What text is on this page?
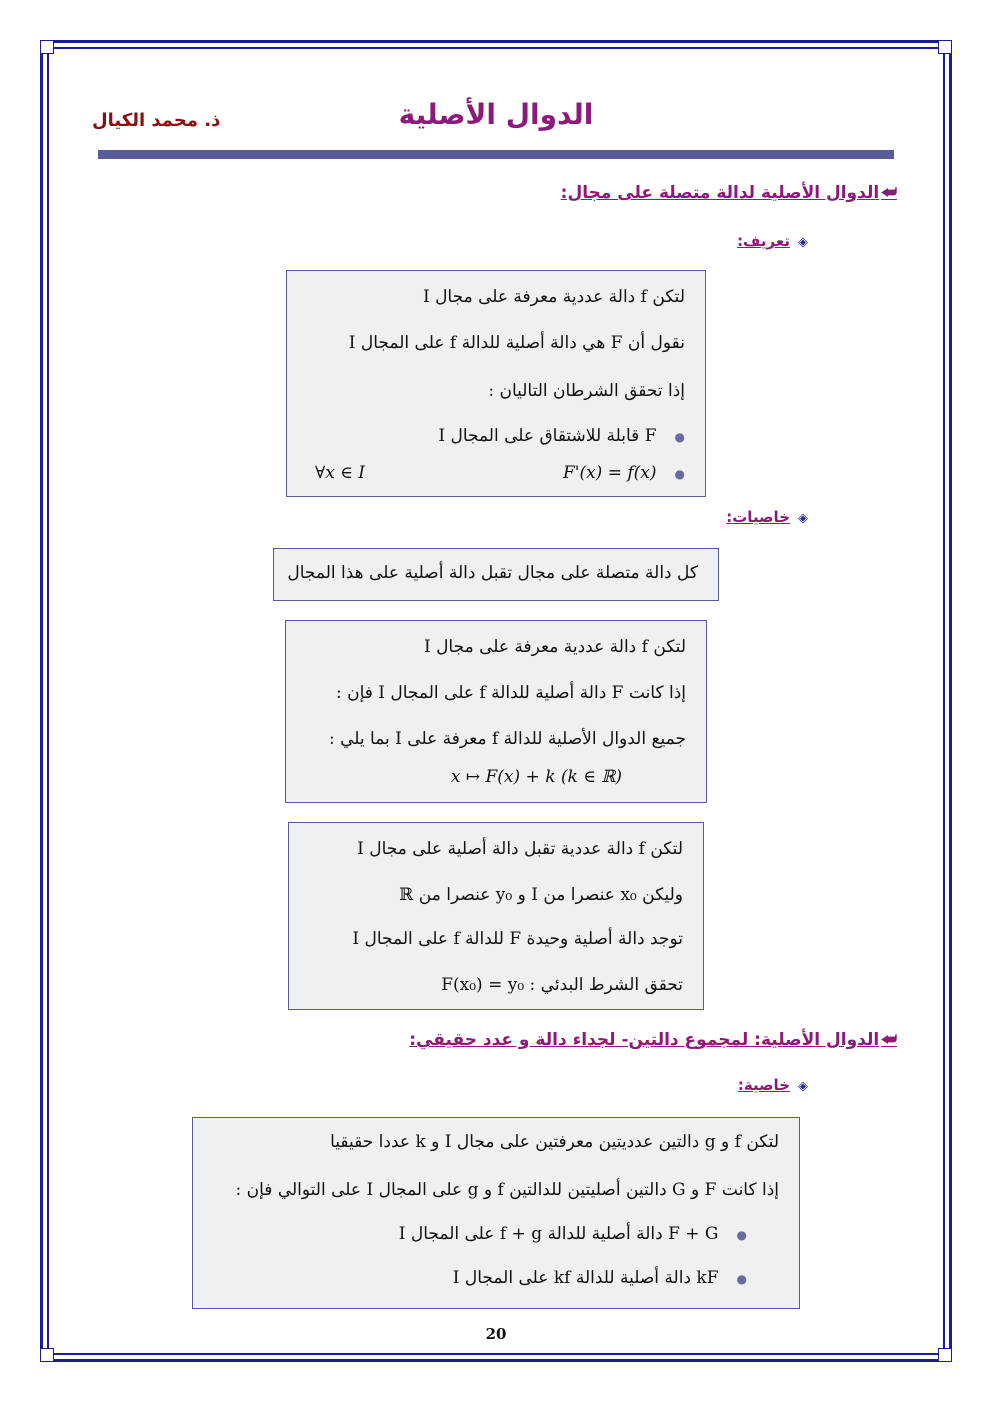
الدوال الأصلية
ذ. محمد الكيال
⮨الدوال الأصلية لدالة متصلة على مجال:
◈تعريف:
لتكن f دالة عددية معرفة على مجال I
نقول أن F هي دالة أصلية للدالة f على المجال I
إذا تحقق الشرطان التاليان :
●F قابلة للاشتقاق على المجال I
●F'(x) = f(x)
∀x ∈ I
◈خاصيات:
كل دالة متصلة على مجال تقبل دالة أصلية على هذا المجال
لتكن f دالة عددية معرفة على مجال I
إذا كانت F دالة أصلية للدالة f على المجال I فإن :
جميع الدوال الأصلية للدالة f معرفة على I بما يلي :
x ↦ F(x) + k (k ∈ ℝ)
لتكن f دالة عددية تقبل دالة أصلية على مجال I
وليكن x₀ عنصرا من I و y₀ عنصرا من ℝ
توجد دالة أصلية وحيدة F للدالة f على المجال I
تحقق الشرط البدئي : F(x₀) = y₀
⮨الدوال الأصلية: لمجموع دالتين- لجداء دالة و عدد حقيقي:
◈خاصية:
لتكن f و g دالتين عدديتين معرفتين على مجال I و k عددا حقيقيا
إذا كانت F و G دالتين أصليتين للدالتين f و g على المجال I على التوالي فإن :
●F + G دالة أصلية للدالة f + g على المجال I
●kF دالة أصلية للدالة kf على المجال I
20
